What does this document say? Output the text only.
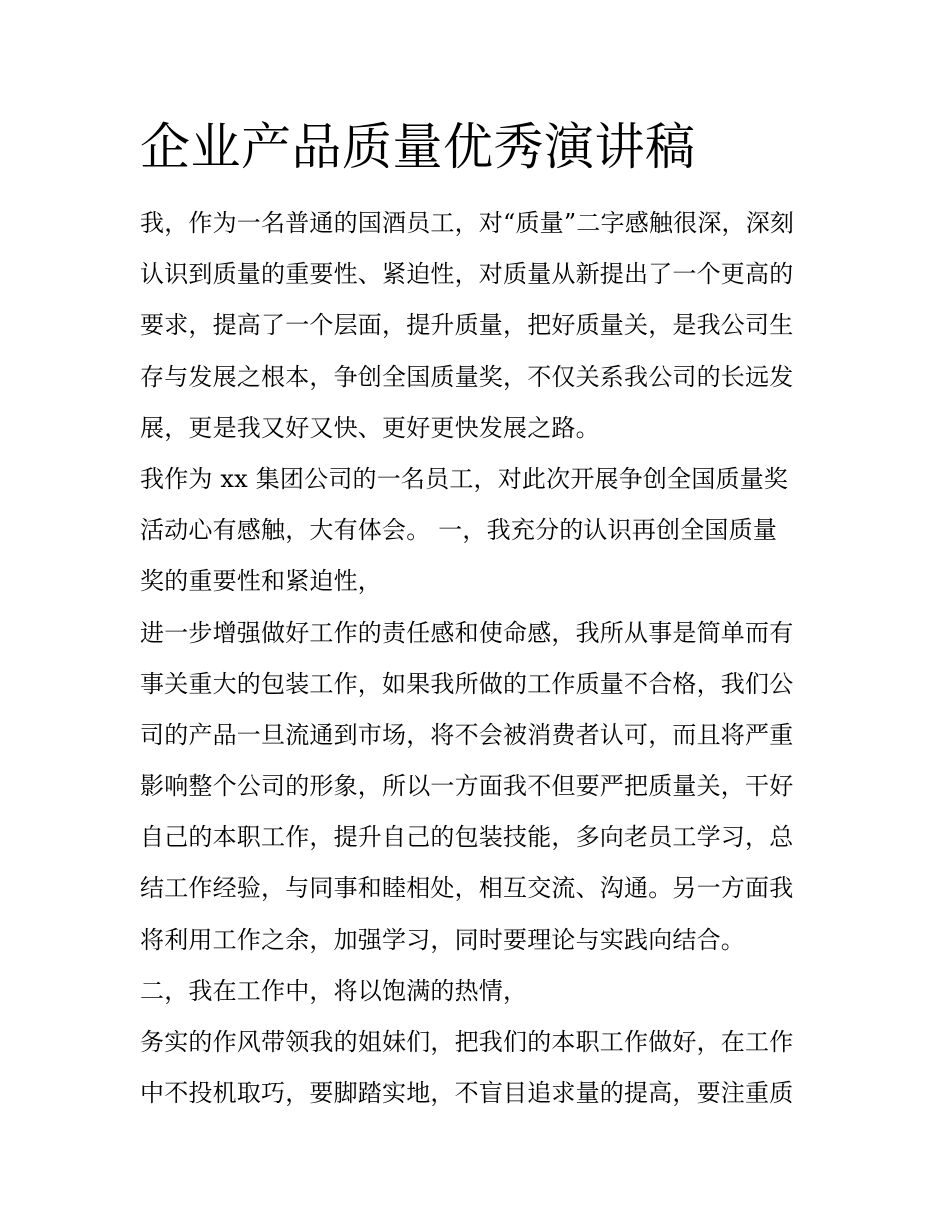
企业产品质量优秀演讲稿
我，作为一名普通的国酒员工，对“质量”二字感触很深，深刻
认识到质量的重要性、紧迫性，对质量从新提出了一个更高的
要求，提高了一个层面，提升质量，把好质量关，是我公司生
存与发展之根本，争创全国质量奖，不仅关系我公司的长远发
展，更是我又好又快、更好更快发展之路。
我作为 xx 集团公司的一名员工，对此次开展争创全国质量奖
活动心有感触，大有体会。 一，我充分的认识再创全国质量
奖的重要性和紧迫性，
进一步增强做好工作的责任感和使命感，我所从事是简单而有
事关重大的包装工作，如果我所做的工作质量不合格，我们公
司的产品一旦流通到市场，将不会被消费者认可，而且将严重
影响整个公司的形象，所以一方面我不但要严把质量关，干好
自己的本职工作，提升自己的包装技能，多向老员工学习，总
结工作经验，与同事和睦相处，相互交流、沟通。另一方面我
将利用工作之余，加强学习，同时要理论与实践向结合。
二，我在工作中，将以饱满的热情，
务实的作风带领我的姐妹们，把我们的本职工作做好，在工作
中不投机取巧，要脚踏实地，不盲目追求量的提高，要注重质
